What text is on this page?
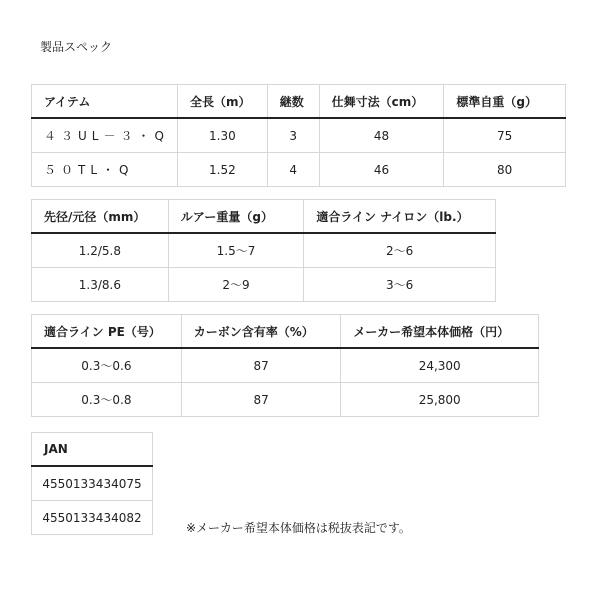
製品スペック
アイテム	全長（m）	継数	仕舞寸法（cm）	標準自重（g）
４３UL－３・Q	1.30	3	48	75
５０TL・Q	1.52	4	46	80
先径/元径（mm）	ルアー重量（g）	適合ライン ナイロン（lb.）
1.2/5.8	1.5〜7	2〜6
1.3/8.6	2〜9	3〜6
適合ライン PE（号）	カーボン含有率（%）	メーカー希望本体価格（円）
0.3〜0.6	87	24,300
0.3〜0.8	87	25,800
JAN
4550133434075
4550133434082
※メーカー希望本体価格は税抜表記です。
